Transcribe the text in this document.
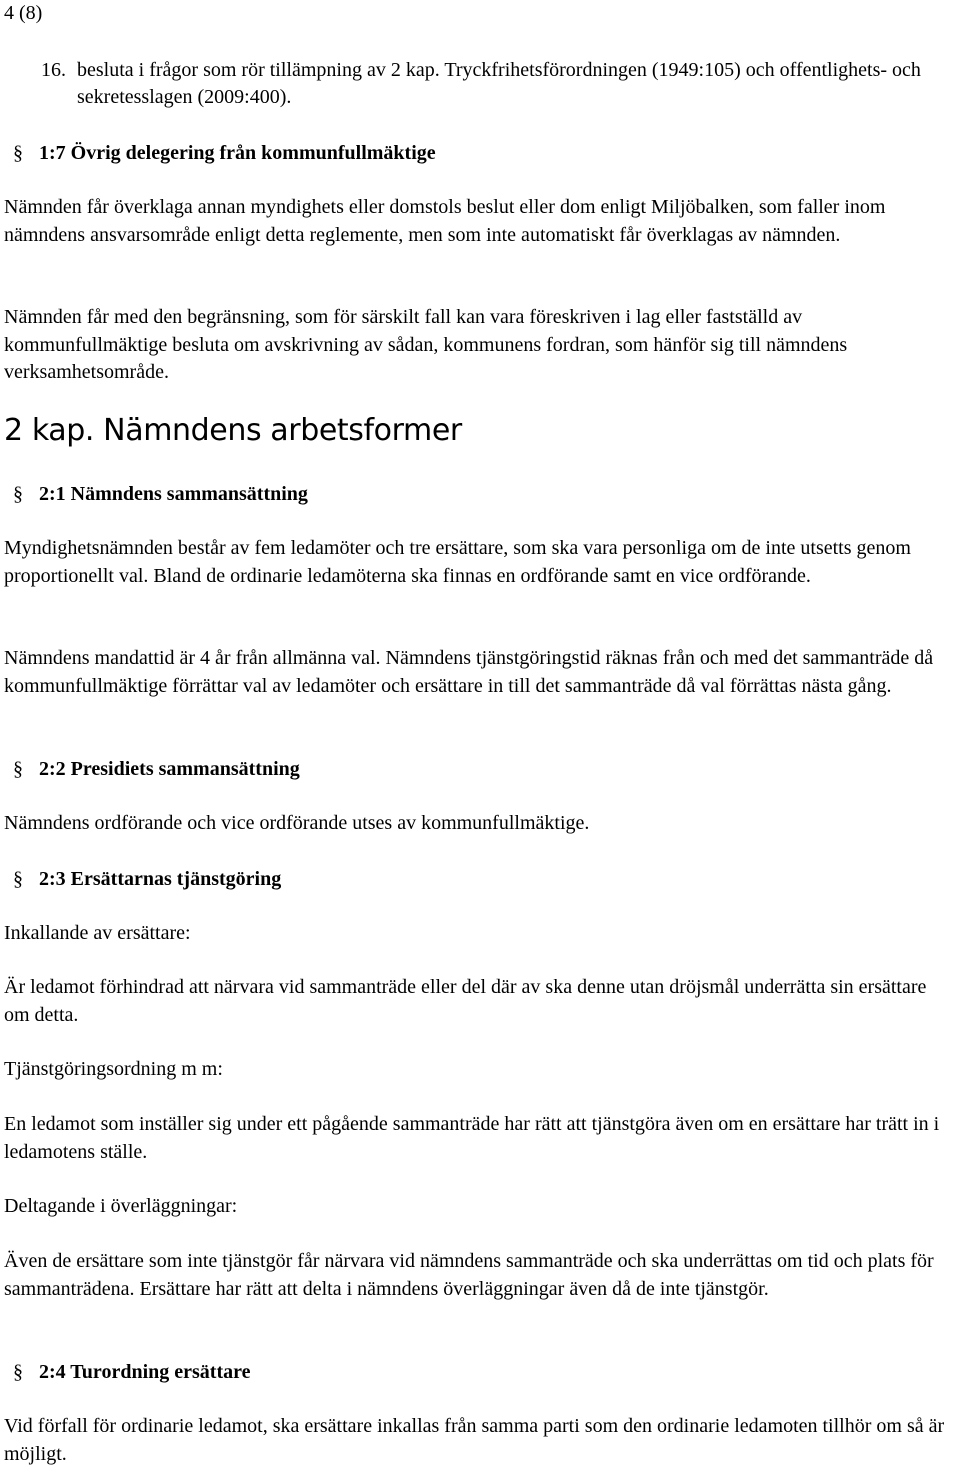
4 (8)
16. besluta i frågor som rör tillämpning av 2 kap. Tryckfrihetsförordningen (1949:105) och offentlighets- och sekretesslagen (2009:400).
§ 1:7 Övrig delegering från kommunfullmäktige
Nämnden får överklaga annan myndighets eller domstols beslut eller dom enligt Miljöbalken, som faller inom nämndens ansvarsområde enligt detta reglemente, men som inte automatiskt får överklagas av nämnden.
Nämnden får med den begränsning, som för särskilt fall kan vara föreskriven i lag eller fastställd av kommunfullmäktige besluta om avskrivning av sådan, kommunens fordran, som hänför sig till nämndens verksamhetsområde.
2 kap. Nämndens arbetsformer
§ 2:1 Nämndens sammansättning
Myndighetsnämnden består av fem ledamöter och tre ersättare, som ska vara personliga om de inte utsetts genom proportionellt val. Bland de ordinarie ledamöterna ska finnas en ordförande samt en vice ordförande.
Nämndens mandattid är 4 år från allmänna val. Nämndens tjänstgöringstid räknas från och med det sammanträde då kommunfullmäktige förrättar val av ledamöter och ersättare in till det sammanträde då val förrättas nästa gång.
§ 2:2 Presidiets sammansättning
Nämndens ordförande och vice ordförande utses av kommunfullmäktige.
§ 2:3 Ersättarnas tjänstgöring
Inkallande av ersättare:
Är ledamot förhindrad att närvara vid sammanträde eller del där av ska denne utan dröjsmål underrätta sin ersättare om detta.
Tjänstgöringsordning m m:
En ledamot som inställer sig under ett pågående sammanträde har rätt att tjänstgöra även om en ersättare har trätt in i ledamotens ställe.
Deltagande i överläggningar:
Även de ersättare som inte tjänstgör får närvara vid nämndens sammanträde och ska underrättas om tid och plats för sammanträdena. Ersättare har rätt att delta i nämndens överläggningar även då de inte tjänstgör.
§ 2:4 Turordning ersättare
Vid förfall för ordinarie ledamot, ska ersättare inkallas från samma parti som den ordinarie ledamoten tillhör om så är möjligt.
